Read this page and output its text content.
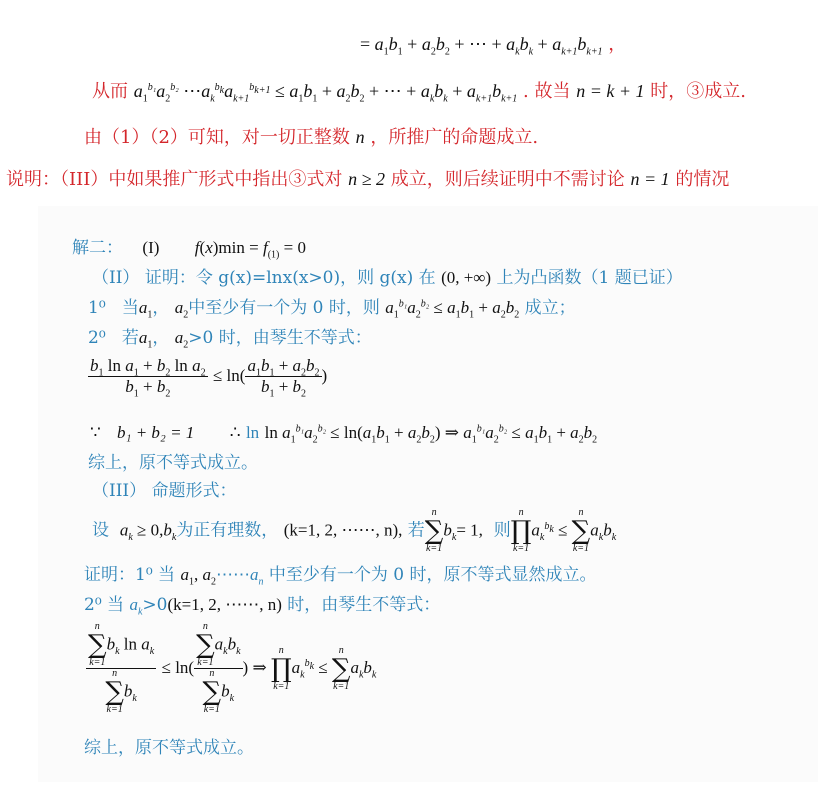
= $a_1b_1 + a_2b_2$ + ⋯ + $a_kb_k + a_{k+1}b_{k+1}$ ，
从而 $a_1^{b_1}a_2^{b_2}$ $\cdots a_k^{b_k}a_{k+1}^{b_{k+1}} \le a_1b_1 + a_2b_2$ + ⋯ + $a_kb_k + a_{k+1}b_{k+1}$ . 故当 n = k + 1 时，③成立.
由（1）（2）可知，对一切正整数 n ，所推广的命题成立.
说明：（III）中如果推广形式中指出③式对 n ≥ 2 成立，则后续证明中不需讨论 n = 1 的情况
解二： (I) $f(x)\min = f_{(1)} = 0$
（II） 证明：令 g(x)=lnx(x>0)，则 g(x) 在 (0, +∞) 上为凸函数（1 题已证）
1⁰ 当$a_1$， $a_2$中至少有一个为 0 时，则 $a_1^{b_1}a_2^{b_2} \le a_1b_1 + a_2b_2$ 成立；
2⁰ 若$a_1$， $a_2>0$ 时，由琴生不等式：
$\frac{b_1 \ln a_1 + b_2 \ln a_2}{b_1 + b_2} \le \ln( \frac{a_1b_1 + a_2b_2}{b_1 + b_2}$ )
∵ b₁ + b₂ = 1 ∴ $\ln \ln a_1^{b_1}a_2^{b_2} \le \ln(a_1b_1 + a_2b_2)$ ⇒ $a_1^{b_1}a_2^{b_2} \le a_1b_1 + a_2b_2$
综上，原不等式成立。
（III） 命题形式：
设 $a_k \ge 0,b_k$为正有理数， (k=1, 2, ⋯⋯, n), 若
n
∑
k=1
$b_k= 1$, 则
n
∏
k=1
$a_k^{b_k}$ ≤
n
∑
k=1
$a_kb_k$
证明：1⁰ 当 $a_1$, $a_2\cdots\cdots a_n$ 中至少有一个为 0 时，原不等式显然成立。
2⁰ 当 $a_k>0(k=1$, 2, ⋯⋯, n) 时，由琴生不等式：
n
∑
k=1
$b_k$ $\ln a_k$
n
∑
k=1
$b_k \le \ln$( n
∑
k=1
$a_kb_k$
n
∑
k=1
$b_k$ ) ⇒
n
∏
k=1
$a_k^{b_k}$ ≤
n
∑
k=1
$a_kb_k$
综上，原不等式成立。
